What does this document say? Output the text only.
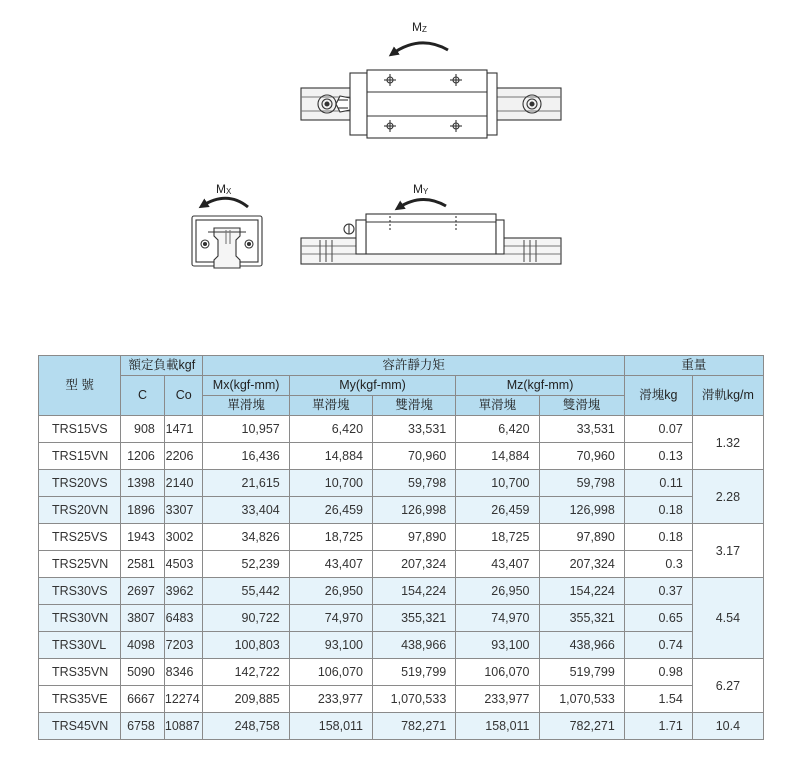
$M_Z$
$M_X$	$M_Y$
型 號	額定負載kgf		容許靜力矩					重量	
	C	Co	Mx(kgf-mm)	My(kgf-mm)		Mz(kgf-mm)		滑塊kg	滑軌kg/m
			單滑塊	單滑塊	雙滑塊	單滑塊	雙滑塊		
TRS15VS	908	1471	10,957	6,420	33,531	6,420	33,531	0.07	1.32
TRS15VN	1206	2206	16,436	14,884	70,960	14,884	70,960	0.13	
TRS20VS	1398	2140	21,615	10,700	59,798	10,700	59,798	0.11	2.28
TRS20VN	1896	3307	33,404	26,459	126,998	26,459	126,998	0.18	
TRS25VS	1943	3002	34,826	18,725	97,890	18,725	97,890	0.18	3.17
TRS25VN	2581	4503	52,239	43,407	207,324	43,407	207,324	0.3	
TRS30VS	2697	3962	55,442	26,950	154,224	26,950	154,224	0.37	4.54
TRS30VN	3807	6483	90,722	74,970	355,321	74,970	355,321	0.65	
TRS30VL	4098	7203	100,803	93,100	438,966	93,100	438,966	0.74	
TRS35VN	5090	8346	142,722	106,070	519,799	106,070	519,799	0.98	6.27
TRS35VE	6667	12274	209,885	233,977	1,070,533	233,977	1,070,533	1.54	
TRS45VN	6758	10887	248,758	158,011	782,271	158,011	782,271	1.71	10.4
